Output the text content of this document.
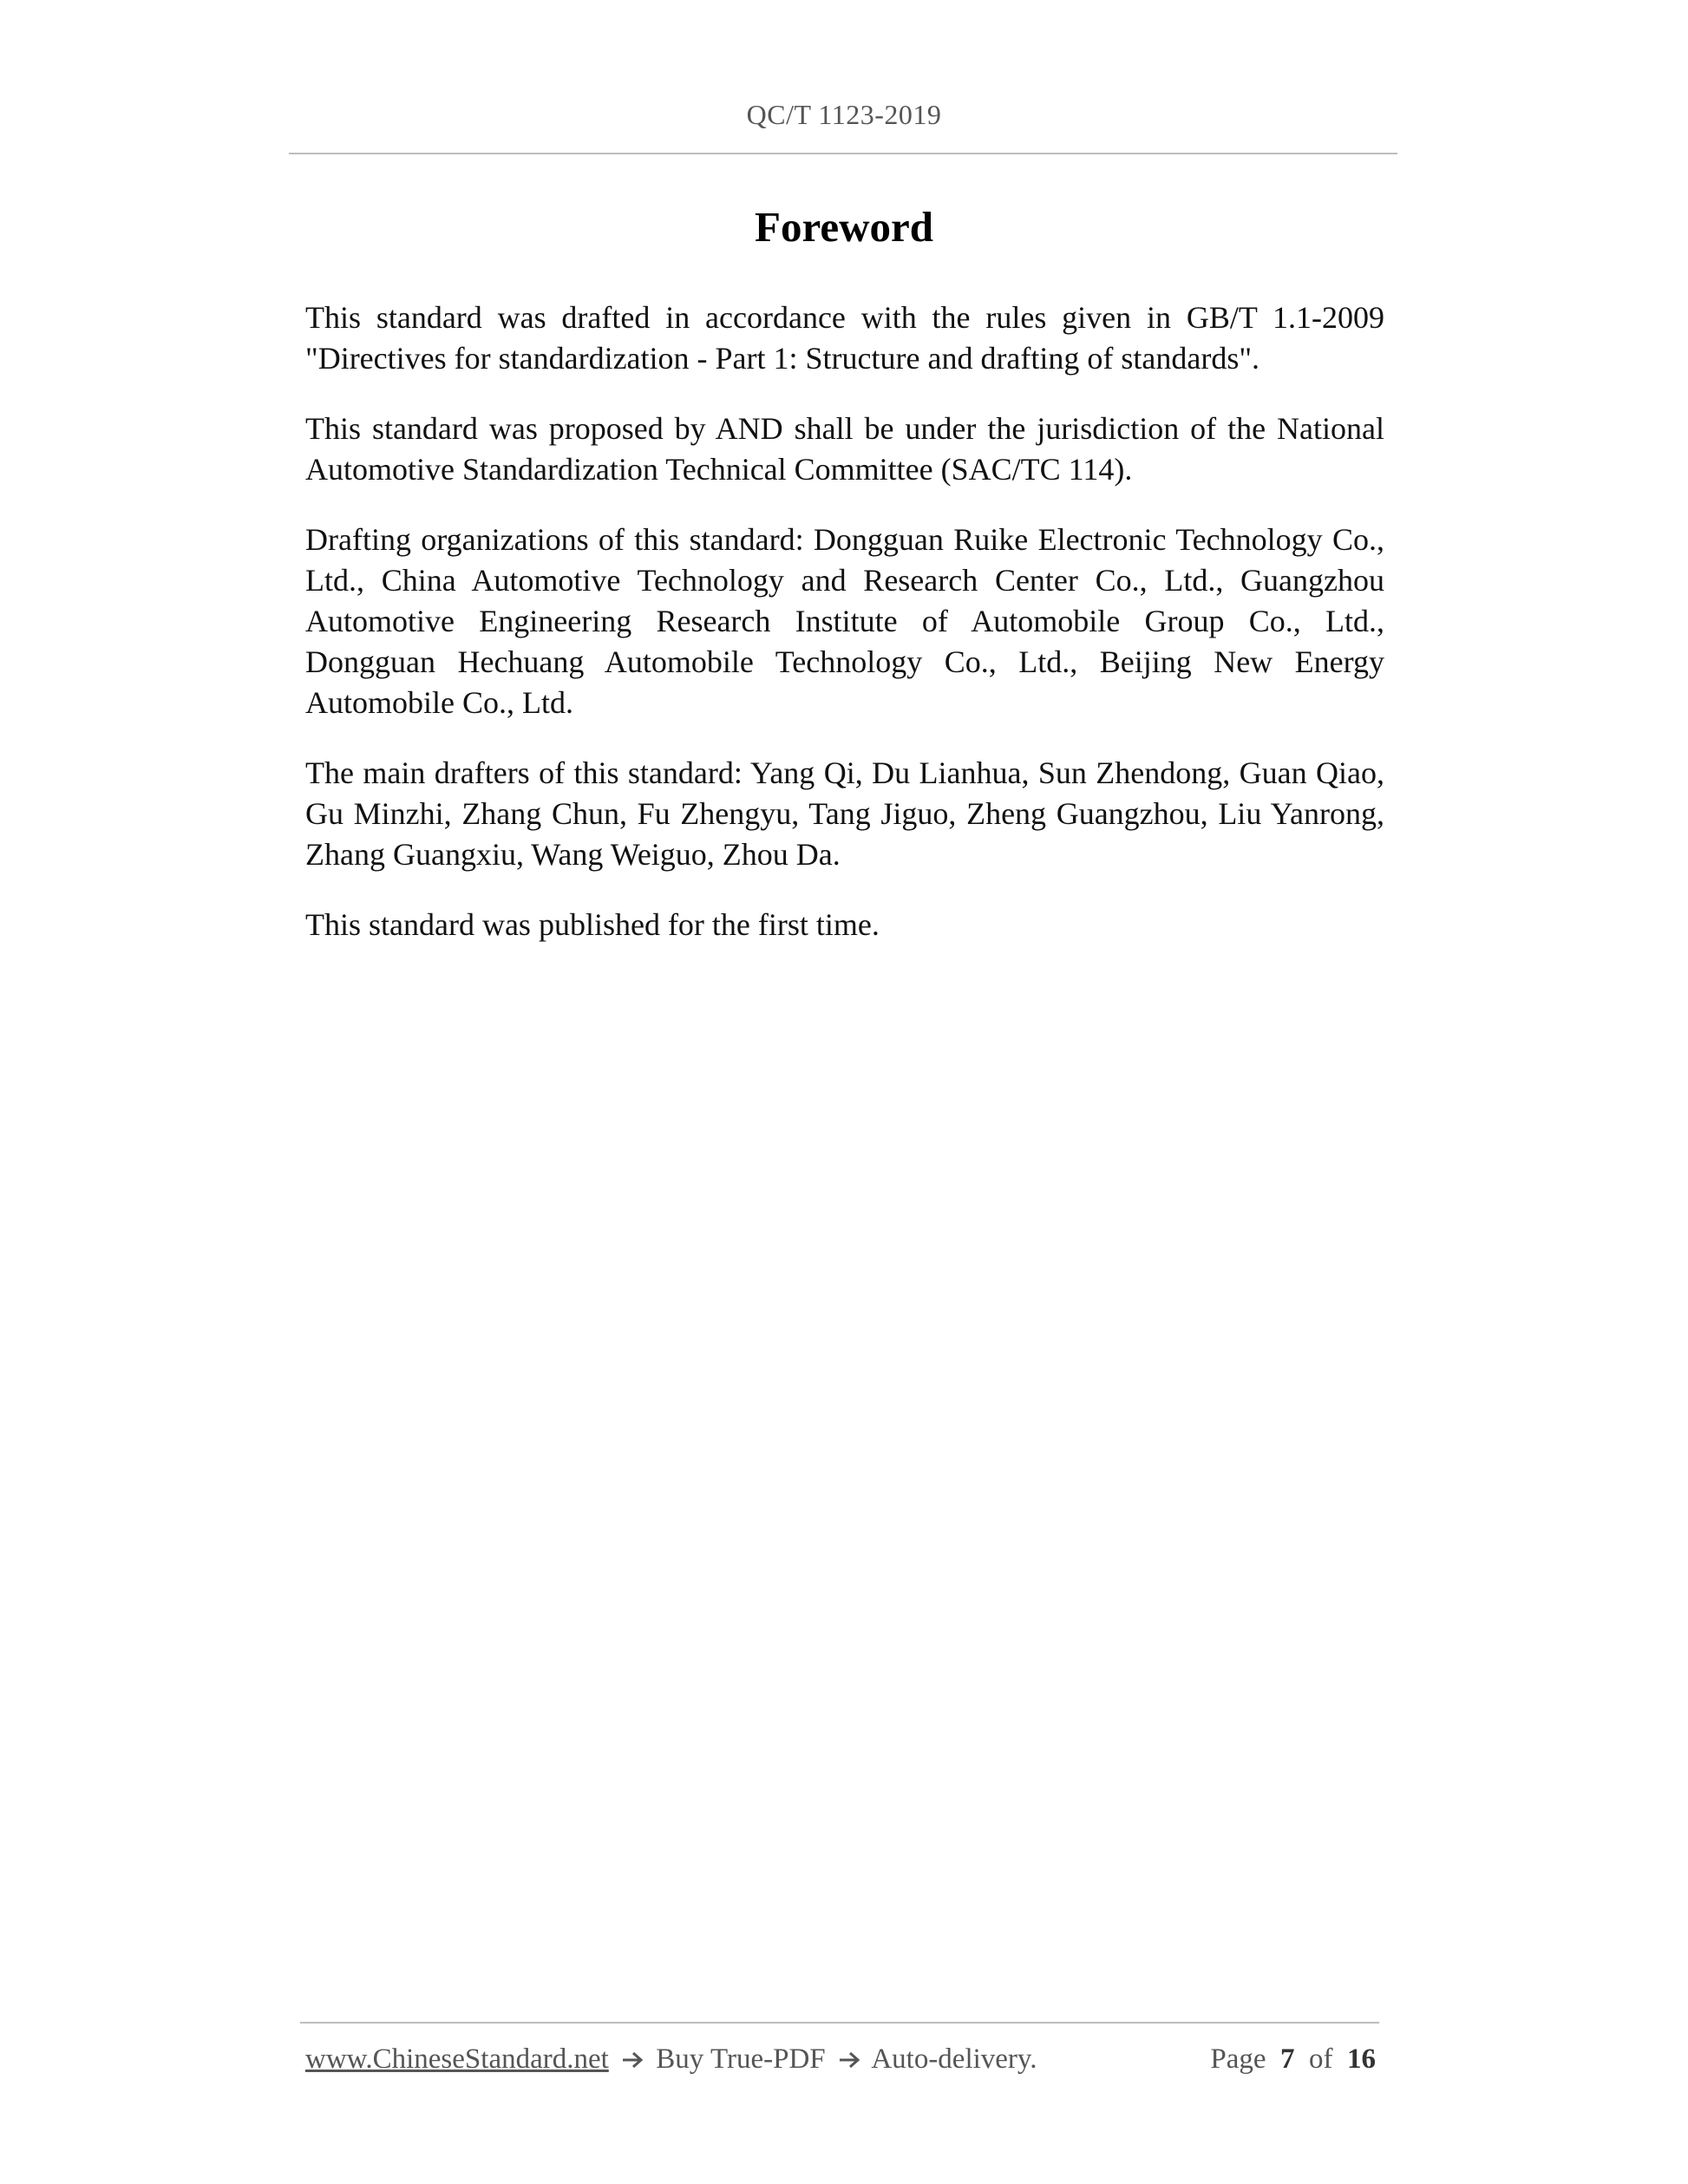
QC/T 1123-2019
Foreword

This standard was drafted in accordance with the rules given in GB/T 1.1-2009 "Directives for standardization - Part 1: Structure and drafting of standards".

This standard was proposed by AND shall be under the jurisdiction of the National Automotive Standardization Technical Committee (SAC/TC 114).

Drafting organizations of this standard: Dongguan Ruike Electronic Technology Co., Ltd., China Automotive Technology and Research Center Co., Ltd., Guangzhou Automotive Engineering Research Institute of Automobile Group Co., Ltd., Dongguan Hechuang Automobile Technology Co., Ltd., Beijing New Energy Automobile Co., Ltd.

The main drafters of this standard: Yang Qi, Du Lianhua, Sun Zhendong, Guan Qiao, Gu Minzhi, Zhang Chun, Fu Zhengyu, Tang Jiguo, Zheng Guangzhou, Liu Yanrong, Zhang Guangxiu, Wang Weiguo, Zhou Da.

This standard was published for the first time.

www.ChineseStandard.net Buy True-PDF Auto-delivery.	Page 7 of 16
